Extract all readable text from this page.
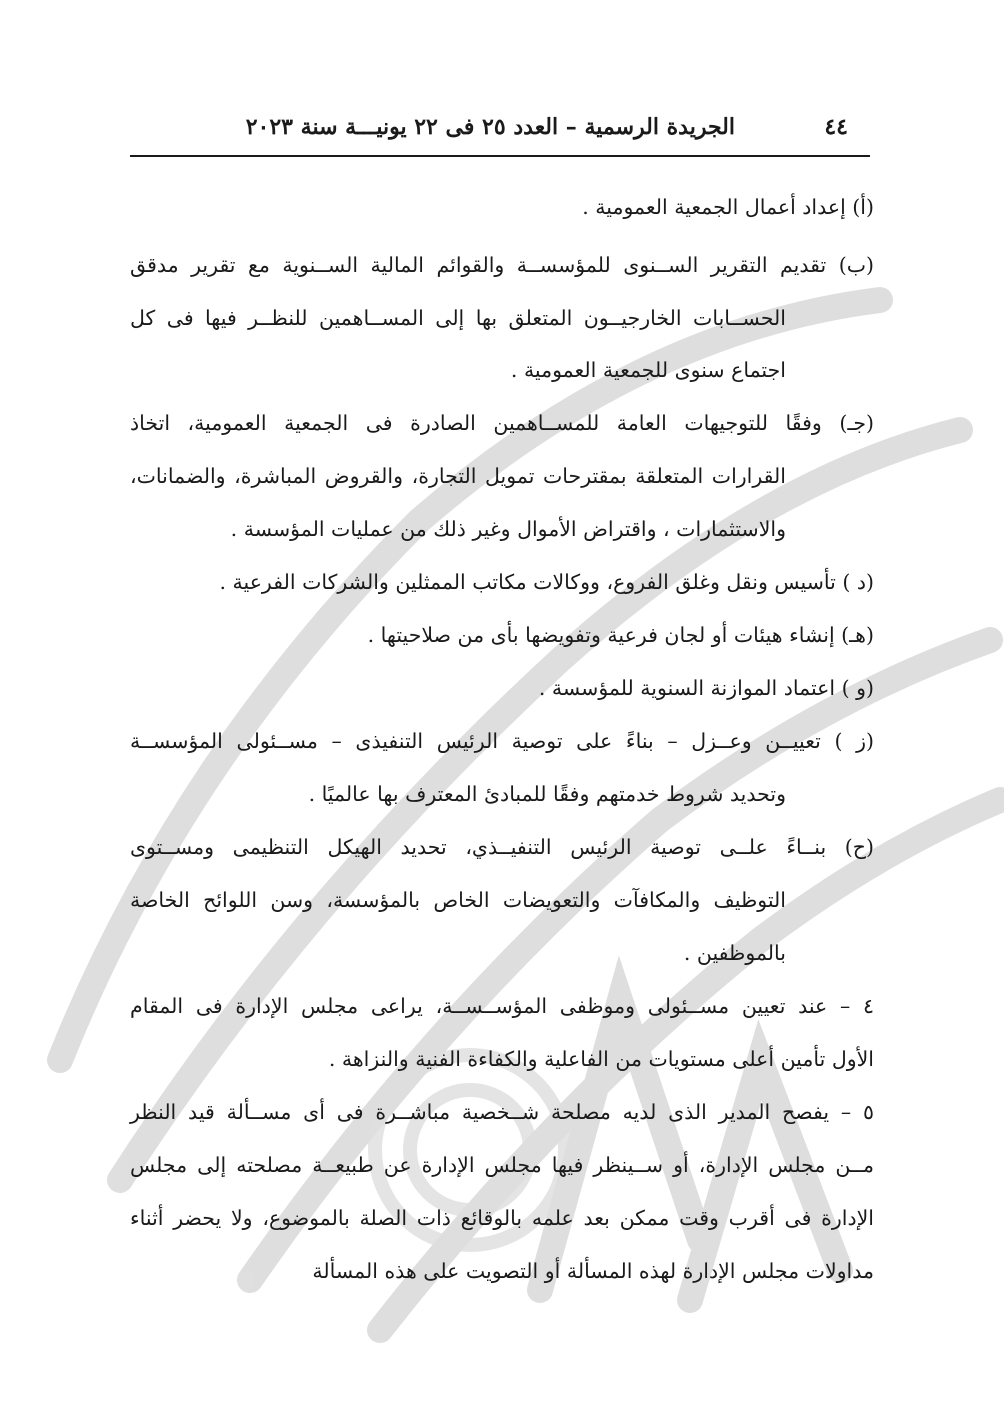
٤٤
الجريدة الرسمية – العدد ٢٥ فى ٢٢ يونيـــة سنة ٢٠٢٣
(أ) إعداد أعمال الجمعية العمومية .
(ب) تقديم التقرير الســنوى للمؤسســة والقوائم المالية الســنوية مع تقرير مدقق
الحســابات الخارجيــون المتعلق بها إلى المســاهمين للنظــر فيها فى كل
اجتماع سنوى للجمعية العمومية .
(جـ) وفقًا للتوجيهات العامة للمســاهمين الصادرة فى الجمعية العمومية، اتخاذ
القرارات المتعلقة بمقترحات تمويل التجارة، والقروض المباشرة، والضمانات،
والاستثمارات ، واقتراض الأموال وغير ذلك من عمليات المؤسسة .
(د ) تأسيس ونقل وغلق الفروع، ووكالات مكاتب الممثلين والشركات الفرعية .
(هـ) إنشاء هيئات أو لجان فرعية وتفويضها بأى من صلاحيتها .
(و ) اعتماد الموازنة السنوية للمؤسسة .
(ز ) تعييــن وعــزل – بناءً على توصية الرئيس التنفيذى – مســئولى المؤسســة
وتحديد شروط خدمتهم وفقًا للمبادئ المعترف بها عالميًا .
(ح) بنــاءً علــى توصية الرئيس التنفيــذي، تحديد الهيكل التنظيمى ومســتوى
التوظيف والمكافآت والتعويضات الخاص بالمؤسسة، وسن اللوائح الخاصة
بالموظفين .
٤ – عند تعيين مســئولى وموظفى المؤســســة، يراعى مجلس الإدارة فى المقام
الأول تأمين أعلى مستويات من الفاعلية والكفاءة الفنية والنزاهة .
٥ – يفصح المدير الذى لديه مصلحة شــخصية مباشــرة فى أى مســألة قيد النظر
مــن مجلس الإدارة، أو ســينظر فيها مجلس الإدارة عن طبيعــة مصلحته إلى مجلس
الإدارة فى أقرب وقت ممكن بعد علمه بالوقائع ذات الصلة بالموضوع، ولا يحضر أثناء
مداولات مجلس الإدارة لهذه المسألة أو التصويت على هذه المسألة
